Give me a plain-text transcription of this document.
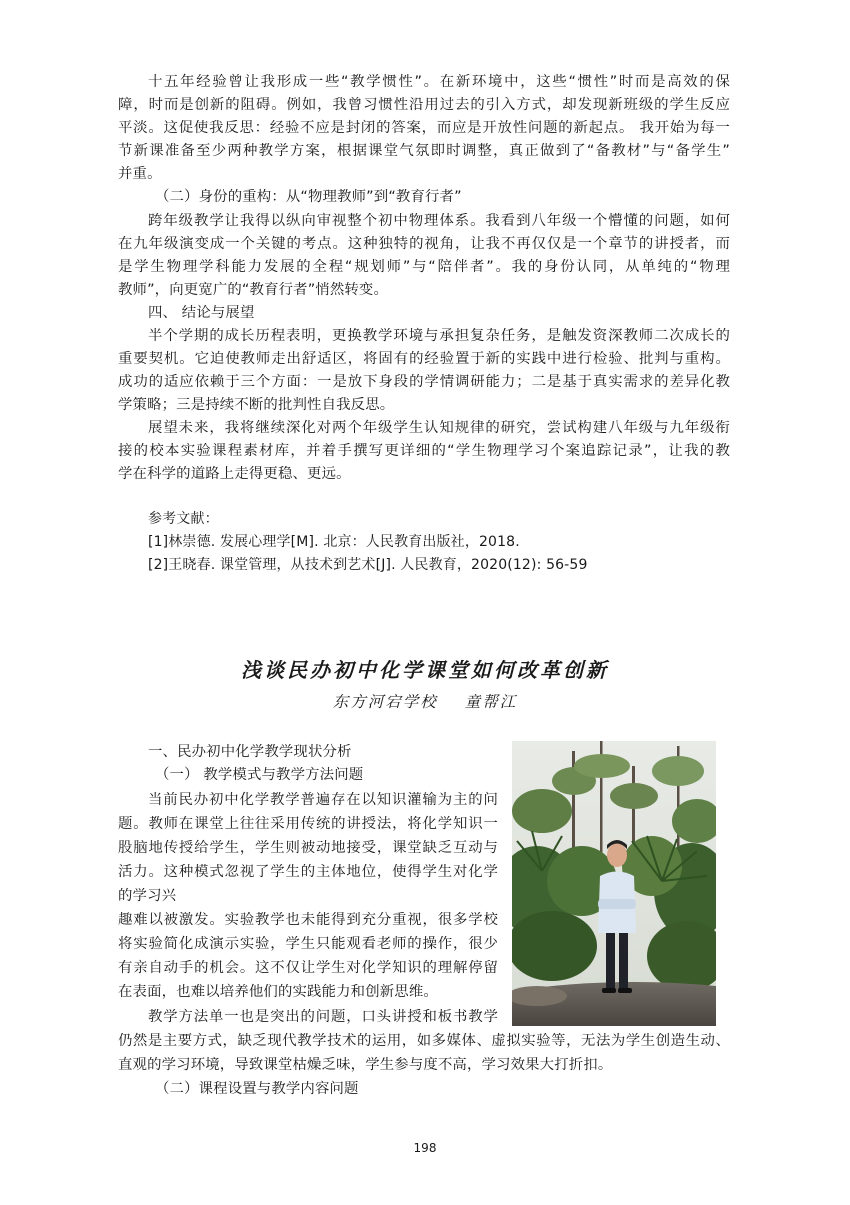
十五年经验曾让我形成一些“教学惯性”。在新环境中，这些“惯性”时而是高效的保
障，时而是创新的阻碍。例如，我曾习惯性沿用过去的引入方式，却发现新班级的学生反应
平淡。这促使我反思：经验不应是封闭的答案，而应是开放性问题的新起点。 我开始为每一
节新课准备至少两种教学方案，根据课堂气氛即时调整，真正做到了“备教材”与“备学生”
并重。
（二）身份的重构：从“物理教师”到“教育行者”
跨年级教学让我得以纵向审视整个初中物理体系。我看到八年级一个懵懂的问题，如何
在九年级演变成一个关键的考点。这种独特的视角，让我不再仅仅是一个章节的讲授者，而
是学生物理学科能力发展的全程“规划师”与“陪伴者”。我的身份认同，从单纯的“物理
教师”，向更宽广的“教育行者”悄然转变。
四、 结论与展望
半个学期的成长历程表明，更换教学环境与承担复杂任务，是触发资深教师二次成长的
重要契机。它迫使教师走出舒适区，将固有的经验置于新的实践中进行检验、批判与重构。
成功的适应依赖于三个方面：一是放下身段的学情调研能力；二是基于真实需求的差异化教
学策略；三是持续不断的批判性自我反思。
展望未来，我将继续深化对两个年级学生认知规律的研究，尝试构建八年级与九年级衔
接的校本实验课程素材库，并着手撰写更详细的“学生物理学习个案追踪记录”，让我的教
学在科学的道路上走得更稳、更远。
参考文献：
[1]林崇德. 发展心理学[M]. 北京：人民教育出版社，2018.
[2]王晓春. 课堂管理，从技术到艺术[J]. 人民教育，2020(12): 56-59
浅谈民办初中化学课堂如何改革创新
东方河宕学校 童帮江
一、民办初中化学教学现状分析
（一） 教学模式与教学方法问题
当前民办初中化学教学普遍存在以知识灌输为主的问
题。教师在课堂上往往采用传统的讲授法，将化学知识一
股脑地传授给学生，学生则被动地接受，课堂缺乏互动与
活力。这种模式忽视了学生的主体地位，使得学生对化学
的学习兴
趣难以被激发。实验教学也未能得到充分重视，很多学校
将实验简化成演示实验，学生只能观看老师的操作，很少
有亲自动手的机会。这不仅让学生对化学知识的理解停留
在表面，也难以培养他们的实践能力和创新思维。
教学方法单一也是突出的问题，口头讲授和板书教学
仍然是主要方式，缺乏现代教学技术的运用，如多媒体、虚拟实验等，无法为学生创造生动、
直观的学习环境，导致课堂枯燥乏味，学生参与度不高，学习效果大打折扣。
（二）课程设置与教学内容问题
198
